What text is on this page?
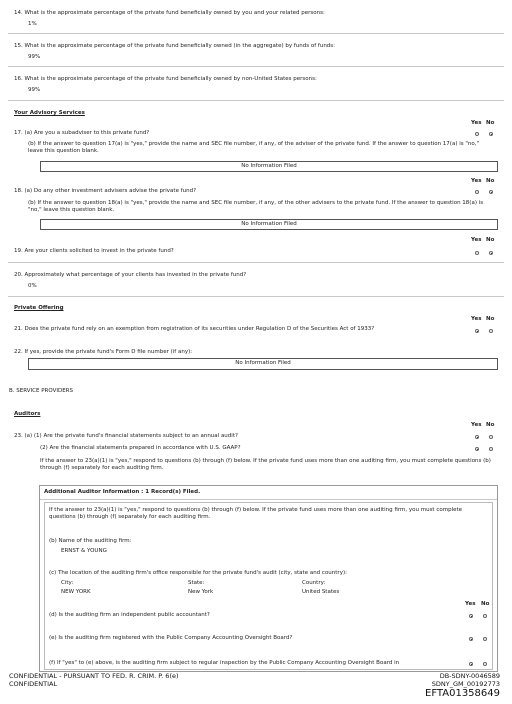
14. What is the approximate percentage of the private fund beneficially owned by you and your related persons:
1%
15. What is the approximate percentage of the private fund beneficially owned (in the aggregate) by funds of funds:
99%
16. What is the approximate percentage of the private fund beneficially owned by non-United States persons:
99%
Your Advisory Services
Yes No
17. (a) Are you a subadviser to this private fund?
(b) If the answer to question 17(a) is "yes," provide the name and SEC file number, if any, of the adviser of the private fund. If the answer to question 17(a) is "no," leave this question blank.
No Information Filed
Yes No
18. (a) Do any other investment advisers advise the private fund?
(b) If the answer to question 18(a) is "yes," provide the name and SEC file number, if any, of the other advisers to the private fund. If the answer to question 18(a) is "no," leave this question blank.
No Information Filed
Yes No
19. Are your clients solicited to invest in the private fund?
20. Approximately what percentage of your clients has invested in the private fund?
0%
Private Offering
Yes No
21. Does the private fund rely on an exemption from registration of its securities under Regulation D of the Securities Act of 1933?
22. If yes, provide the private fund's Form D file number (if any):
No Information Filed
B. SERVICE PROVIDERS
Auditors
Yes No
23. (a) (1) Are the private fund's financial statements subject to an annual audit?
(2) Are the financial statements prepared in accordance with U.S. GAAP?
If the answer to 23(a)(1) is "yes," respond to questions (b) through (f) below. If the private fund uses more than one auditing firm, you must complete questions (b) through (f) separately for each auditing firm.
Additional Auditor Information : 1 Record(s) Filed.
If the answer to 23(a)(1) is "yes," respond to questions (b) through (f) below. If the private fund uses more than one auditing firm, you must complete questions (b) through (f) separately for each auditing firm.
(b) Name of the auditing firm:
ERNST & YOUNG
(c) The location of the auditing firm's office responsible for the private fund's audit (city, state and country):
City:
NEW YORK
State:
New York
Country:
United States
Yes No
(d) Is the auditing firm an independent public accountant?
(e) Is the auditing firm registered with the Public Company Accounting Oversight Board?
(f) If "yes" to (e) above, is the auditing firm subject to regular inspection by the Public Company Accounting Oversight Board in
CONFIDENTIAL - PURSUANT TO FED. R. CRIM. P. 6(e)
CONFIDENTIAL
DB-SDNY-0046589
SDNY_GM_00192773
EFTA01358649
